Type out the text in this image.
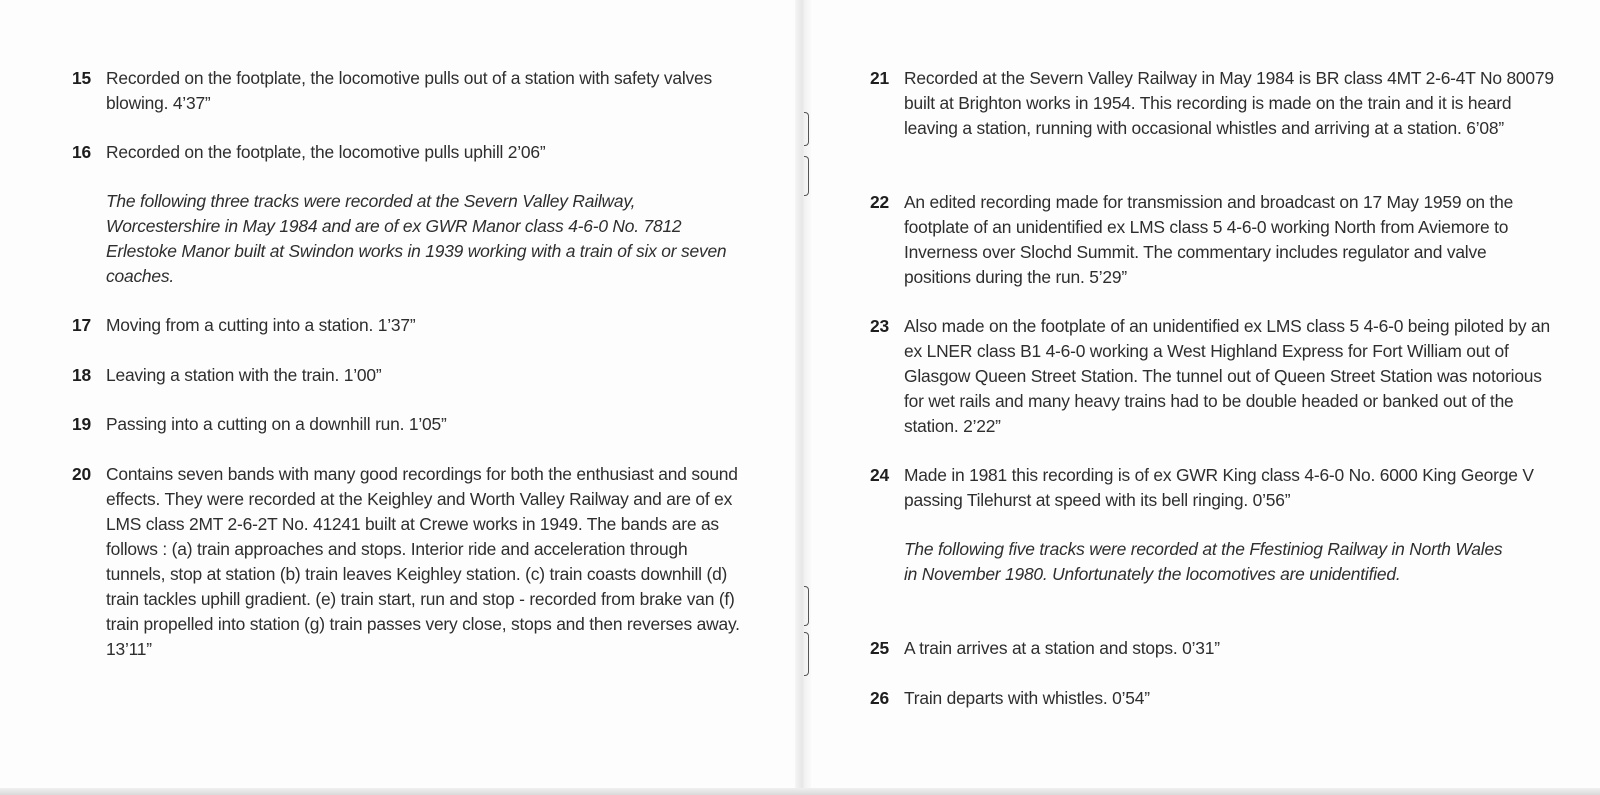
15 Recorded on the footplate, the locomotive pulls out of a station with safety valves blowing. 4’37”
16 Recorded on the footplate, the locomotive pulls uphill 2’06”
The following three tracks were recorded at the Severn Valley Railway, Worcestershire in May 1984 and are of ex GWR Manor class 4-6-0 No. 7812 Erlestoke Manor built at Swindon works in 1939 working with a train of six or seven coaches.
17 Moving from a cutting into a station. 1’37”
18 Leaving a station with the train. 1’00”
19 Passing into a cutting on a downhill run. 1’05”
20 Contains seven bands with many good recordings for both the enthusiast and sound effects. They were recorded at the Keighley and Worth Valley Railway and are of ex LMS class 2MT 2-6-2T No. 41241 built at Crewe works in 1949. The bands are as follows : (a) train approaches and stops. Interior ride and acceleration through tunnels, stop at station (b) train leaves Keighley station. (c) train coasts downhill (d) train tackles uphill gradient. (e) train start, run and stop - recorded from brake van (f) train propelled into station (g) train passes very close, stops and then reverses away. 13’11”
21 Recorded at the Severn Valley Railway in May 1984 is BR class 4MT 2-6-4T No 80079 built at Brighton works in 1954. This recording is made on the train and it is heard leaving a station, running with occasional whistles and arriving at a station. 6’08”
22 An edited recording made for transmission and broadcast on 17 May 1959 on the footplate of an unidentified ex LMS class 5 4-6-0 working North from Aviemore to Inverness over Slochd Summit. The commentary includes regulator and valve positions during the run. 5’29”
23 Also made on the footplate of an unidentified ex LMS class 5 4-6-0 being piloted by an ex LNER class B1 4-6-0 working a West Highland Express for Fort William out of Glasgow Queen Street Station. The tunnel out of Queen Street Station was notorious for wet rails and many heavy trains had to be double headed or banked out of the station. 2’22”
24 Made in 1981 this recording is of ex GWR King class 4-6-0 No. 6000 King George V passing Tilehurst at speed with its bell ringing. 0’56”
The following five tracks were recorded at the Ffestiniog Railway in North Wales in November 1980. Unfortunately the locomotives are unidentified.
25 A train arrives at a station and stops. 0’31”
26 Train departs with whistles. 0’54”
